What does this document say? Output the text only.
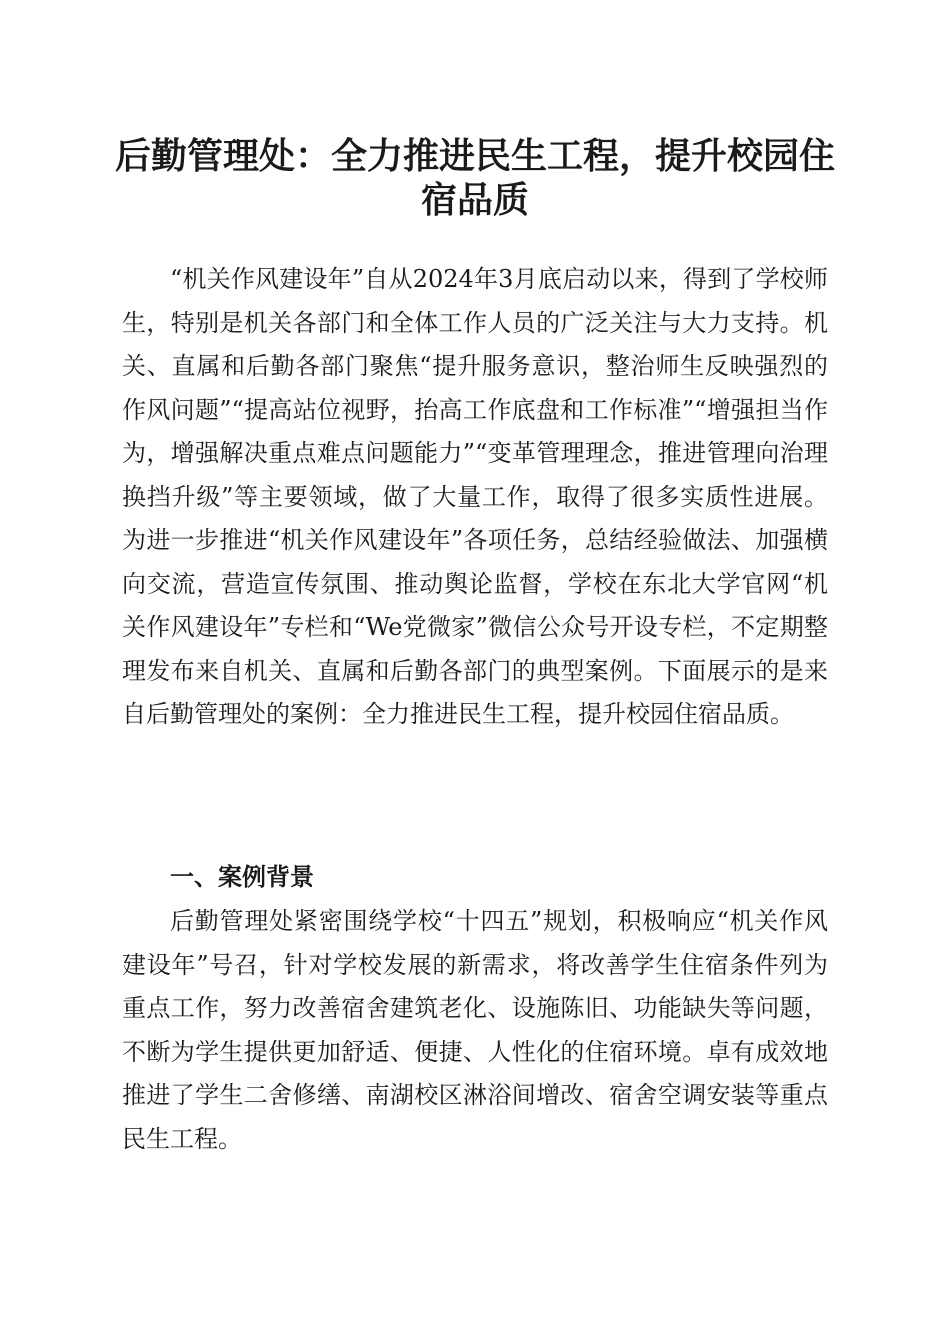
后勤管理处：全力推进民生工程，提升校园住宿品质

“机关作风建设年”自从2024年3月底启动以来，得到了学校师生，特别是机关各部门和全体工作人员的广泛关注与大力支持。机关、直属和后勤各部门聚焦“提升服务意识，整治师生反映强烈的作风问题”“提高站位视野，抬高工作底盘和工作标准”“增强担当作为，增强解决重点难点问题能力”“变革管理理念，推进管理向治理换挡升级”等主要领域，做了大量工作，取得了很多实质性进展。为进一步推进“机关作风建设年”各项任务，总结经验做法、加强横向交流，营造宣传氛围、推动舆论监督，学校在东北大学官网“机关作风建设年”专栏和“We党微家”微信公众号开设专栏，不定期整理发布来自机关、直属和后勤各部门的典型案例。下面展示的是来自后勤管理处的案例：全力推进民生工程，提升校园住宿品质。

一、案例背景

后勤管理处紧密围绕学校“十四五”规划，积极响应“机关作风建设年”号召，针对学校发展的新需求，将改善学生住宿条件列为重点工作，努力改善宿舍建筑老化、设施陈旧、功能缺失等问题，不断为学生提供更加舒适、便捷、人性化的住宿环境。卓有成效地推进了学生二舍修缮、南湖校区淋浴间增改、宿舍空调安装等重点民生工程。
